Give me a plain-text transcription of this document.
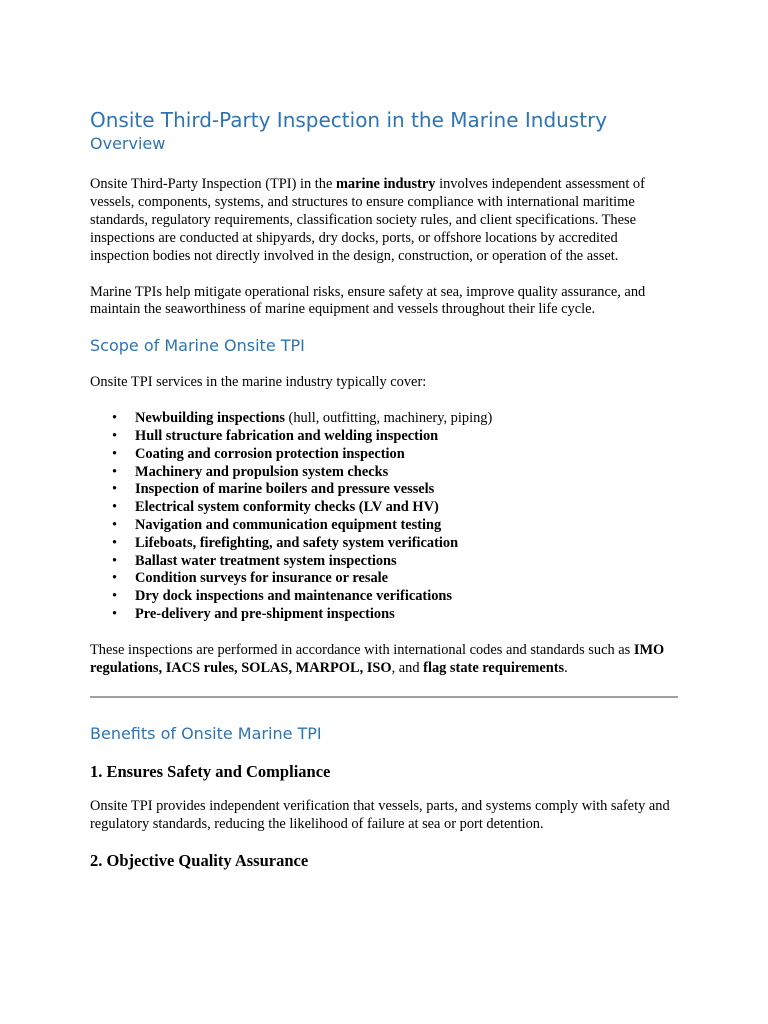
Onsite Third-Party Inspection in the Marine Industry
Overview

Onsite Third-Party Inspection (TPI) in the marine industry involves independent assessment of vessels, components, systems, and structures to ensure compliance with international maritime standards, regulatory requirements, classification society rules, and client specifications. These inspections are conducted at shipyards, dry docks, ports, or offshore locations by accredited inspection bodies not directly involved in the design, construction, or operation of the asset.

Marine TPIs help mitigate operational risks, ensure safety at sea, improve quality assurance, and maintain the seaworthiness of marine equipment and vessels throughout their life cycle.

Scope of Marine Onsite TPI

Onsite TPI services in the marine industry typically cover:

• Newbuilding inspections (hull, outfitting, machinery, piping)
• Hull structure fabrication and welding inspection
• Coating and corrosion protection inspection
• Machinery and propulsion system checks
• Inspection of marine boilers and pressure vessels
• Electrical system conformity checks (LV and HV)
• Navigation and communication equipment testing
• Lifeboats, firefighting, and safety system verification
• Ballast water treatment system inspections
• Condition surveys for insurance or resale
• Dry dock inspections and maintenance verifications
• Pre-delivery and pre-shipment inspections

These inspections are performed in accordance with international codes and standards such as IMO regulations, IACS rules, SOLAS, MARPOL, ISO, and flag state requirements.

Benefits of Onsite Marine TPI
1. Ensures Safety and Compliance

Onsite TPI provides independent verification that vessels, parts, and systems comply with safety and regulatory standards, reducing the likelihood of failure at sea or port detention.

2. Objective Quality Assurance
